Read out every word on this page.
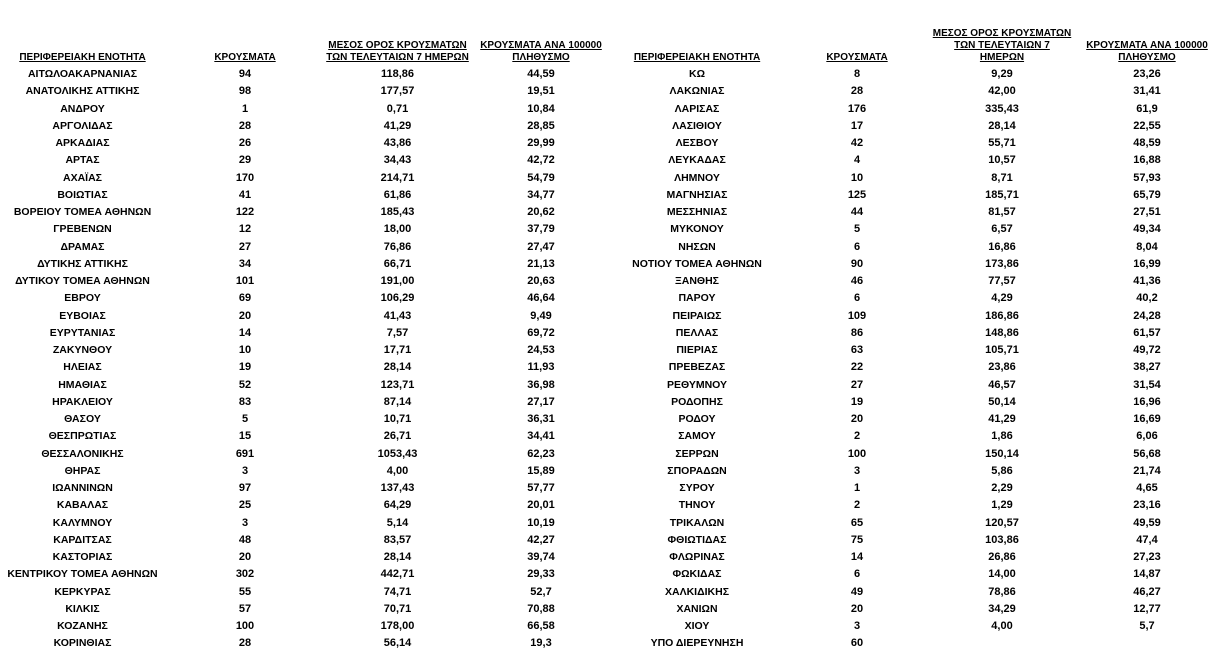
ΠΕΡΙΦΕΡΕΙΑΚΗ ΕΝΟΤΗΤΑ	ΚΡΟΥΣΜΑΤΑ	ΜΕΣΟΣ ΟΡΟΣ ΚΡΟΥΣΜΑΤΩΝ ΤΩΝ ΤΕΛΕΥΤΑΙΩΝ 7 ΗΜΕΡΩΝ	ΚΡΟΥΣΜΑΤΑ ΑΝΑ 100000 ΠΛΗΘΥΣΜΟ
ΑΙΤΩΛΟΑΚΑΡΝΑΝΙΑΣ	94	118,86	44,59
ΑΝΑΤΟΛΙΚΗΣ ΑΤΤΙΚΗΣ	98	177,57	19,51
ΑΝΔΡΟΥ	1	0,71	10,84
ΑΡΓΟΛΙΔΑΣ	28	41,29	28,85
ΑΡΚΑΔΙΑΣ	26	43,86	29,99
ΑΡΤΑΣ	29	34,43	42,72
ΑΧΑΪΑΣ	170	214,71	54,79
ΒΟΙΩΤΙΑΣ	41	61,86	34,77
ΒΟΡΕΙΟΥ ΤΟΜΕΑ ΑΘΗΝΩΝ	122	185,43	20,62
ΓΡΕΒΕΝΩΝ	12	18,00	37,79
ΔΡΑΜΑΣ	27	76,86	27,47
ΔΥΤΙΚΗΣ ΑΤΤΙΚΗΣ	34	66,71	21,13
ΔΥΤΙΚΟΥ ΤΟΜΕΑ ΑΘΗΝΩΝ	101	191,00	20,63
ΕΒΡΟΥ	69	106,29	46,64
ΕΥΒΟΙΑΣ	20	41,43	9,49
ΕΥΡΥΤΑΝΙΑΣ	14	7,57	69,72
ΖΑΚΥΝΘΟΥ	10	17,71	24,53
ΗΛΕΙΑΣ	19	28,14	11,93
ΗΜΑΘΙΑΣ	52	123,71	36,98
ΗΡΑΚΛΕΙΟΥ	83	87,14	27,17
ΘΑΣΟΥ	5	10,71	36,31
ΘΕΣΠΡΩΤΙΑΣ	15	26,71	34,41
ΘΕΣΣΑΛΟΝΙΚΗΣ	691	1053,43	62,23
ΘΗΡΑΣ	3	4,00	15,89
ΙΩΑΝΝΙΝΩΝ	97	137,43	57,77
ΚΑΒΑΛΑΣ	25	64,29	20,01
ΚΑΛΥΜΝΟΥ	3	5,14	10,19
ΚΑΡΔΙΤΣΑΣ	48	83,57	42,27
ΚΑΣΤΟΡΙΑΣ	20	28,14	39,74
ΚΕΝΤΡΙΚΟΥ ΤΟΜΕΑ ΑΘΗΝΩΝ	302	442,71	29,33
ΚΕΡΚΥΡΑΣ	55	74,71	52,7
ΚΙΛΚΙΣ	57	70,71	70,88
ΚΟΖΑΝΗΣ	100	178,00	66,58
ΚΟΡΙΝΘΙΑΣ	28	56,14	19,3
ΠΕΡΙΦΕΡΕΙΑΚΗ ΕΝΟΤΗΤΑ	ΚΡΟΥΣΜΑΤΑ	ΜΕΣΟΣ ΟΡΟΣ ΚΡΟΥΣΜΑΤΩΝ ΤΩΝ ΤΕΛΕΥΤΑΙΩΝ 7 ΗΜΕΡΩΝ	ΚΡΟΥΣΜΑΤΑ ΑΝΑ 100000 ΠΛΗΘΥΣΜΟ
ΚΩ	8	9,29	23,26
ΛΑΚΩΝΙΑΣ	28	42,00	31,41
ΛΑΡΙΣΑΣ	176	335,43	61,9
ΛΑΣΙΘΙΟΥ	17	28,14	22,55
ΛΕΣΒΟΥ	42	55,71	48,59
ΛΕΥΚΑΔΑΣ	4	10,57	16,88
ΛΗΜΝΟΥ	10	8,71	57,93
ΜΑΓΝΗΣΙΑΣ	125	185,71	65,79
ΜΕΣΣΗΝΙΑΣ	44	81,57	27,51
ΜΥΚΟΝΟΥ	5	6,57	49,34
ΝΗΣΩΝ	6	16,86	8,04
ΝΟΤΙΟΥ ΤΟΜΕΑ ΑΘΗΝΩΝ	90	173,86	16,99
ΞΑΝΘΗΣ	46	77,57	41,36
ΠΑΡΟΥ	6	4,29	40,2
ΠΕΙΡΑΙΩΣ	109	186,86	24,28
ΠΕΛΛΑΣ	86	148,86	61,57
ΠΙΕΡΙΑΣ	63	105,71	49,72
ΠΡΕΒΕΖΑΣ	22	23,86	38,27
ΡΕΘΥΜΝΟΥ	27	46,57	31,54
ΡΟΔΟΠΗΣ	19	50,14	16,96
ΡΟΔΟΥ	20	41,29	16,69
ΣΑΜΟΥ	2	1,86	6,06
ΣΕΡΡΩΝ	100	150,14	56,68
ΣΠΟΡΑΔΩΝ	3	5,86	21,74
ΣΥΡΟΥ	1	2,29	4,65
ΤΗΝΟΥ	2	1,29	23,16
ΤΡΙΚΑΛΩΝ	65	120,57	49,59
ΦΘΙΩΤΙΔΑΣ	75	103,86	47,4
ΦΛΩΡΙΝΑΣ	14	26,86	27,23
ΦΩΚΙΔΑΣ	6	14,00	14,87
ΧΑΛΚΙΔΙΚΗΣ	49	78,86	46,27
ΧΑΝΙΩΝ	20	34,29	12,77
ΧΙΟΥ	3	4,00	5,7
ΥΠΟ ΔΙΕΡΕΥΝΗΣΗ	60		
